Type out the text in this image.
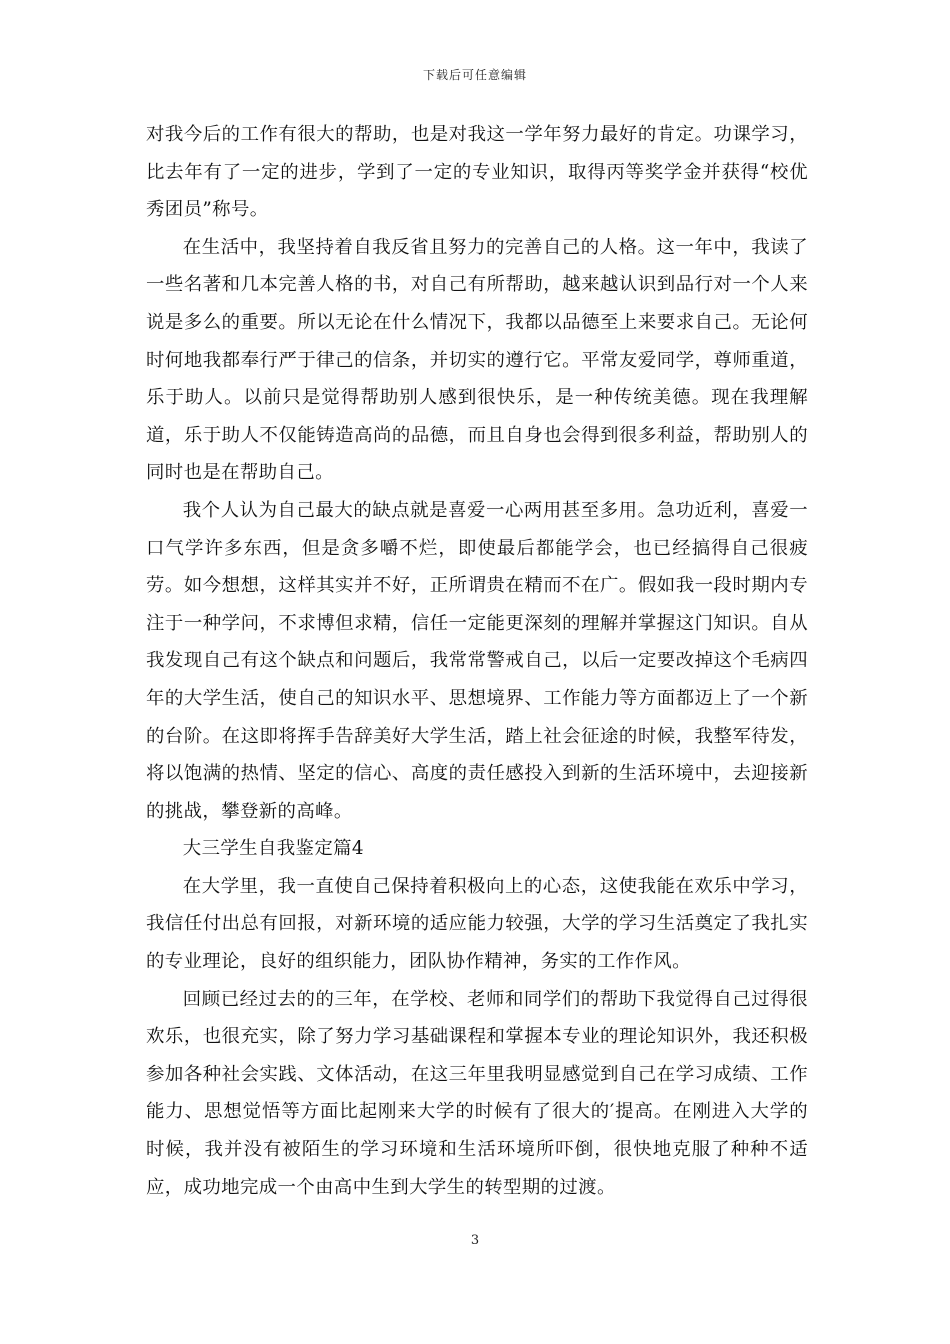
下载后可任意编辑

对我今后的工作有很大的帮助，也是对我这一学年努力最好的肯定。功课学习，比去年有了一定的进步，学到了一定的专业知识，取得丙等奖学金并获得“校优秀团员”称号。

在生活中，我坚持着自我反省且努力的完善自己的人格。这一年中，我读了一些名著和几本完善人格的书，对自己有所帮助，越来越认识到品行对一个人来说是多么的重要。所以无论在什么情况下，我都以品德至上来要求自己。无论何时何地我都奉行严于律己的信条，并切实的遵行它。平常友爱同学，尊师重道，乐于助人。以前只是觉得帮助别人感到很快乐，是一种传统美德。现在我理解道，乐于助人不仅能铸造高尚的品德，而且自身也会得到很多利益，帮助别人的同时也是在帮助自己。

我个人认为自己最大的缺点就是喜爱一心两用甚至多用。急功近利，喜爱一口气学许多东西，但是贪多嚼不烂，即使最后都能学会，也已经搞得自己很疲劳。如今想想，这样其实并不好，正所谓贵在精而不在广。假如我一段时期内专注于一种学问，不求博但求精，信任一定能更深刻的理解并掌握这门知识。自从我发现自己有这个缺点和问题后，我常常警戒自己，以后一定要改掉这个毛病四年的大学生活，使自己的知识水平、思想境界、工作能力等方面都迈上了一个新的台阶。在这即将挥手告辞美好大学生活，踏上社会征途的时候，我整军待发，将以饱满的热情、坚定的信心、高度的责任感投入到新的生活环境中，去迎接新的挑战，攀登新的高峰。

大三学生自我鉴定篇4

在大学里，我一直使自己保持着积极向上的心态，这使我能在欢乐中学习，我信任付出总有回报，对新环境的适应能力较强，大学的学习生活奠定了我扎实的专业理论，良好的组织能力，团队协作精神，务实的工作作风。

回顾已经过去的的三年，在学校、老师和同学们的帮助下我觉得自己过得很欢乐，也很充实，除了努力学习基础课程和掌握本专业的理论知识外，我还积极参加各种社会实践、文体活动，在这三年里我明显感觉到自己在学习成绩、工作能力、思想觉悟等方面比起刚来大学的时候有了很大的′提高。在刚进入大学的时候，我并没有被陌生的学习环境和生活环境所吓倒，很快地克服了种种不适应，成功地完成一个由高中生到大学生的转型期的过渡。

3
